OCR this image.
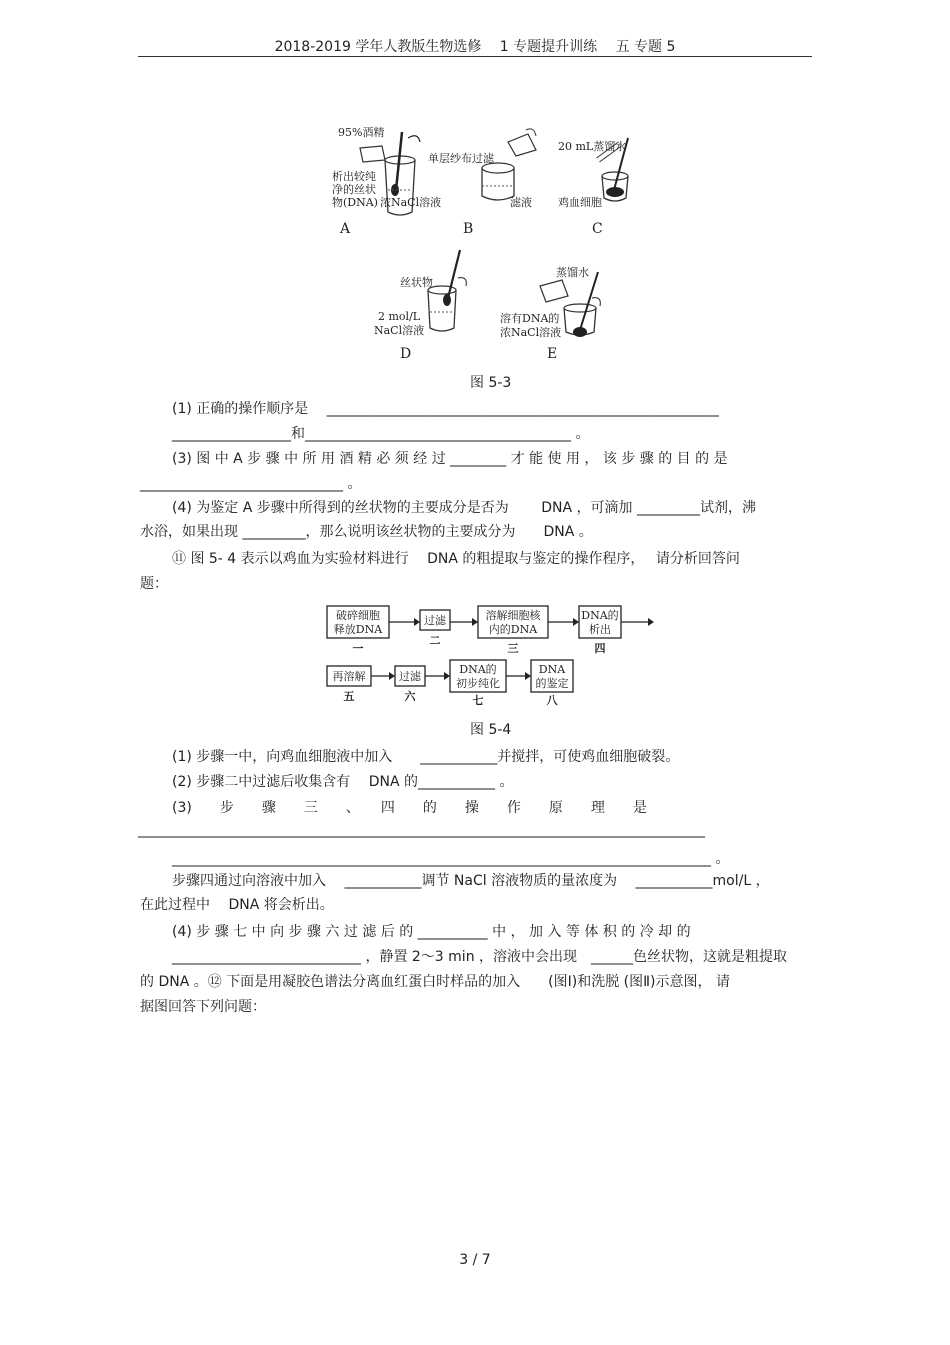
2018-2019 学年人教版生物选修　 1 专题提升训练　 五 专题 5
95%酒精
析出较纯
净的丝状
物(DNA) 浓NaCl溶液
单层纱布过滤
滤液
20 mL蒸馏水
鸡血细胞
A	B	C
丝状物
2 mol/L
NaCl溶液
蒸馏水
溶有DNA的
浓NaCl溶液
D	E
图 5-3
(1) 正确的操作顺序是　 ________________________________________________________
_________________和______________________________________ 。
(3) 图 中 A 步 骤 中 所 用 酒 精 必 须 经 过 ________ 才 能 使 用 ， 该 步 骤 的 目 的 是
_____________________________ 。
(4) 为鉴定 A 步骤中所得到的丝状物的主要成分是否为　　 DNA ，可滴加 _________试剂，沸
水浴，如果出现 _________，那么说明该丝状物的主要成分为　　DNA 。
⑪ 图 5- 4 表示以鸡血为实验材料进行　 DNA 的粗提取与鉴定的操作程序，　 请分析回答问
题：
破碎细胞
释放DNA
一
过滤
二
溶解细胞核
内的DNA
三
DNA的
析出
四
再溶解
五
过滤
六
DNA的
初步纯化
七
DNA
的鉴定
八
图 5-4
(1) 步骤一中，向鸡血细胞液中加入　　___________并搅拌，可使鸡血细胞破裂。
(2) 步骤二中过滤后收集含有　 DNA 的___________ 。
(3)　　步　　骤　　三　　、　　四　　的　　操　　作　　原　　理　　是
_________________________________________________________________________________
_____________________________________________________________________________ 。
步骤四通过向溶液中加入　 ___________调节 NaCl 溶液物质的量浓度为　 ___________mol/L ，
在此过程中　 DNA 将会析出。
(4) 步 骤 七 中 向 步 骤 六 过 滤 后 的 __________ 中 ， 加 入 等 体 积 的 冷 却 的
___________________________ ，静置 2～3 min ，溶液中会出现　______色丝状物，这就是粗提取
的 DNA 。⑫ 下面是用凝胶色谱法分离血红蛋白时样品的加入　　(图Ⅰ)和洗脱 (图Ⅱ)示意图， 请
据图回答下列问题：
3 / 7
